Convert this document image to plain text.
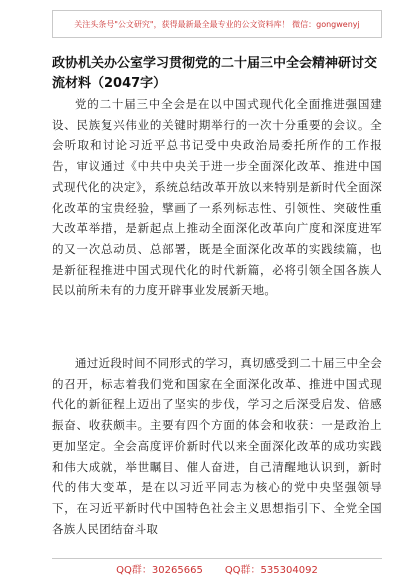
关注头条号"公文研究"，获得最新最全最专业的公文资料库！ 微信：gongwenyj
政协机关办公室学习贯彻党的二十届三中全会精神研讨交流材料（2047字）

党的二十届三中全会是在以中国式现代化全面推进强国建设、民族复兴伟业的关键时期举行的一次十分重要的会议。全会听取和讨论习近平总书记受中央政治局委托所作的工作报告，审议通过《中共中央关于进一步全面深化改革、推进中国式现代化的决定》，系统总结改革开放以来特别是新时代全面深化改革的宝贵经验，擘画了一系列标志性、引领性、突破性重大改革举措，是新起点上推动全面深化改革向广度和深度进军的又一次总动员、总部署，既是全面深化改革的实践续篇，也是新征程推进中国式现代化的时代新篇，必将引领全国各族人民以前所未有的力度开辟事业发展新天地。

通过近段时间不同形式的学习，真切感受到二十届三中全会的召开，标志着我们党和国家在全面深化改革、推进中国式现代化的新征程上迈出了坚实的步伐，学习之后深受启发、倍感振奋、收获颇丰。主要有四个方面的体会和收获：一是政治上更加坚定。全会高度评价新时代以来全面深化改革的成功实践和伟大成就，举世瞩目、催人奋进，自己清醒地认识到，新时代的伟大变革，是在以习近平同志为核心的党中央坚强领导下，在习近平新时代中国特色社会主义思想指引下、全党全国各族人民团结奋斗取

QQ群：30265665 QQ群：535304092
